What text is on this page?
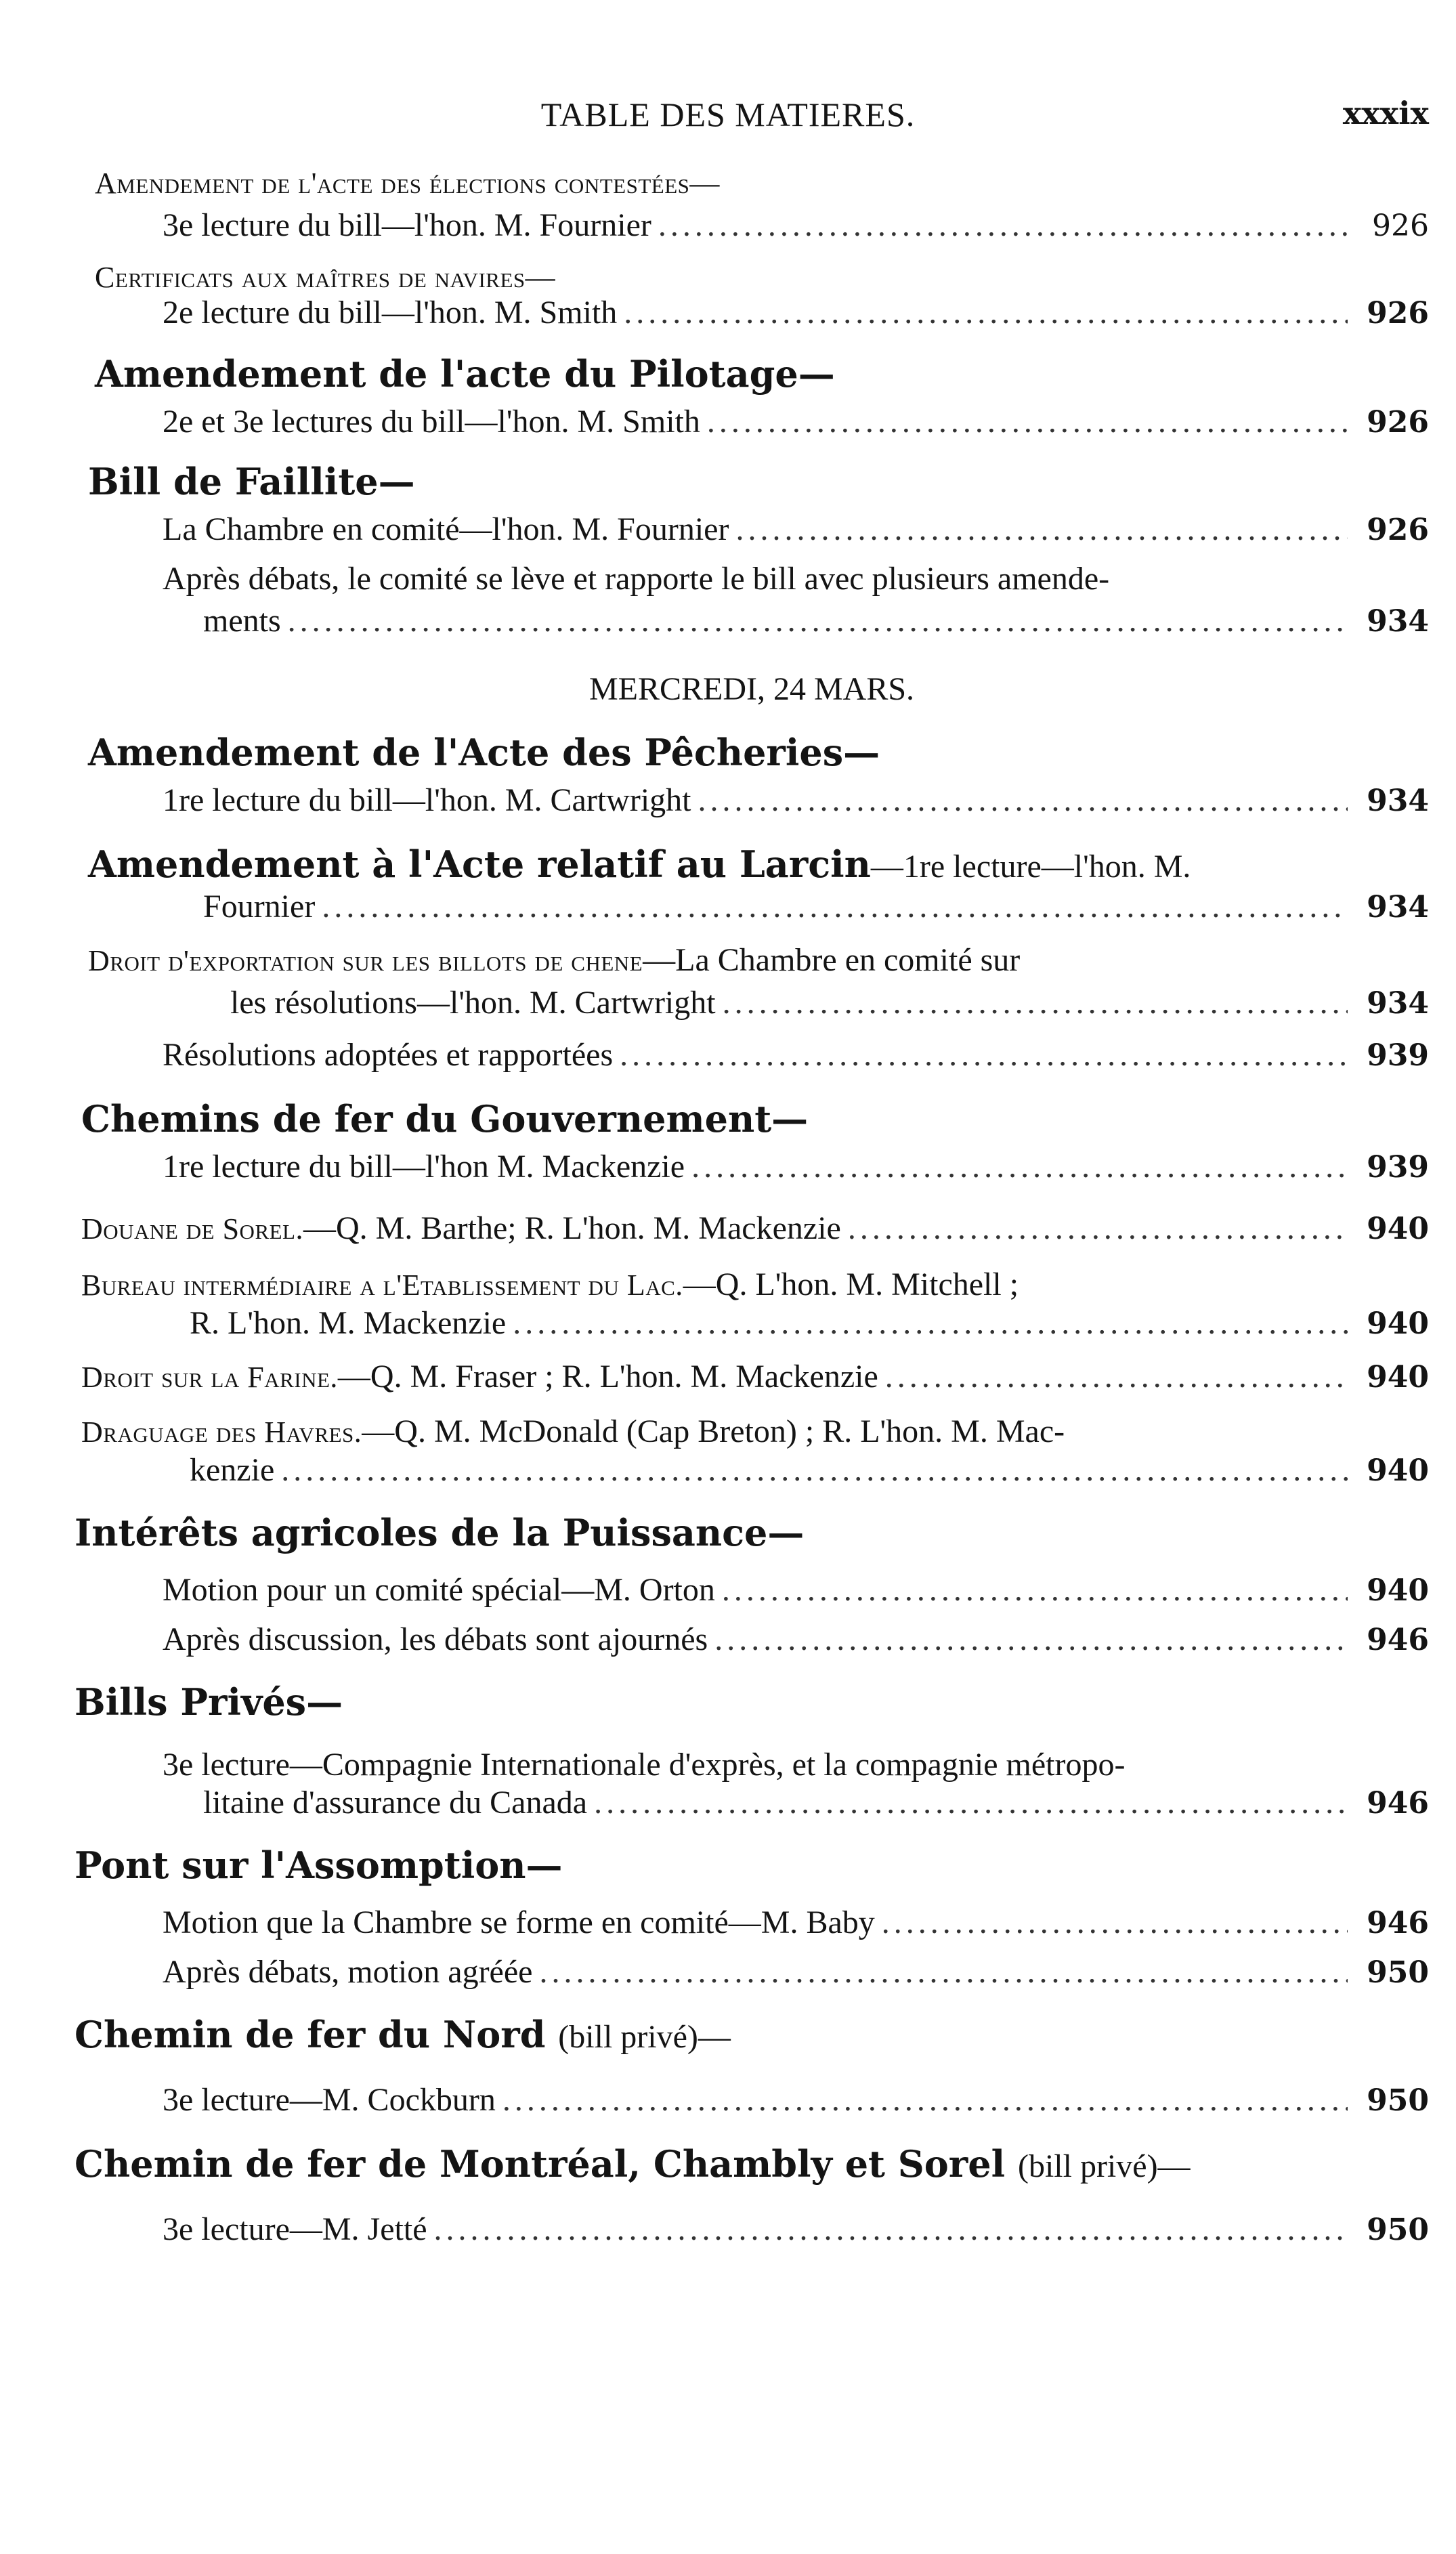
TABLE DES MATIERES.	xxxix
Amendement de l'acte des élections contestées—
3e lecture du bill—l'hon. M. Fournier .....	926
Certificats aux maîtres de navires—
2e lecture du bill—l'hon. M. Smith .....	926
Amendement de l'acte du Pilotage—
2e et 3e lectures du bill—l'hon. M. Smith .....	926
Bill de Faillite—
La Chambre en comité—l'hon. M. Fournier .....	926
Après débats, le comité se lève et rapporte le bill avec plusieurs amende-
ments .....	934
MERCREDI, 24 MARS.
Amendement de l'Acte des Pêcheries—
1re lecture du bill—l'hon. M. Cartwright .....	934
Amendement à l'Acte relatif au Larcin—1re lecture—l'hon. M.
Fournier .....	934
Droit d'exportation sur les billots de chene—La Chambre en comité sur
les résolutions—l'hon. M. Cartwright .....	934
Résolutions adoptées et rapportées .....	939
Chemins de fer du Gouvernement—
1re lecture du bill—l'hon M. Mackenzie .....	939
Douane de Sorel.—Q. M. Barthe; R. L'hon. M. Mackenzie .....	940
Bureau intermédiaire a l'Etablissement du Lac.—Q. L'hon. M. Mitchell ;
R. L'hon. M. Mackenzie .....	940
Droit sur la Farine.—Q. M. Fraser ; R. L'hon. M. Mackenzie .....	940
Draguage des Havres.—Q. M. McDonald (Cap Breton) ; R. L'hon. M. Mac-
kenzie .....	940
Intérêts agricoles de la Puissance—
Motion pour un comité spécial—M. Orton .....	940
Après discussion, les débats sont ajournés .....	946
Bills Privés—
3e lecture—Compagnie Internationale d'exprès, et la compagnie métropo-
litaine d'assurance du Canada .....	946
Pont sur l'Assomption—
Motion que la Chambre se forme en comité—M. Baby .....	946
Après débats, motion agréée .....	950
Chemin de fer du Nord (bill privé)—
3e lecture—M. Cockburn .....	950
Chemin de fer de Montréal, Chambly et Sorel (bill privé)—
3e lecture—M. Jetté .....	950
